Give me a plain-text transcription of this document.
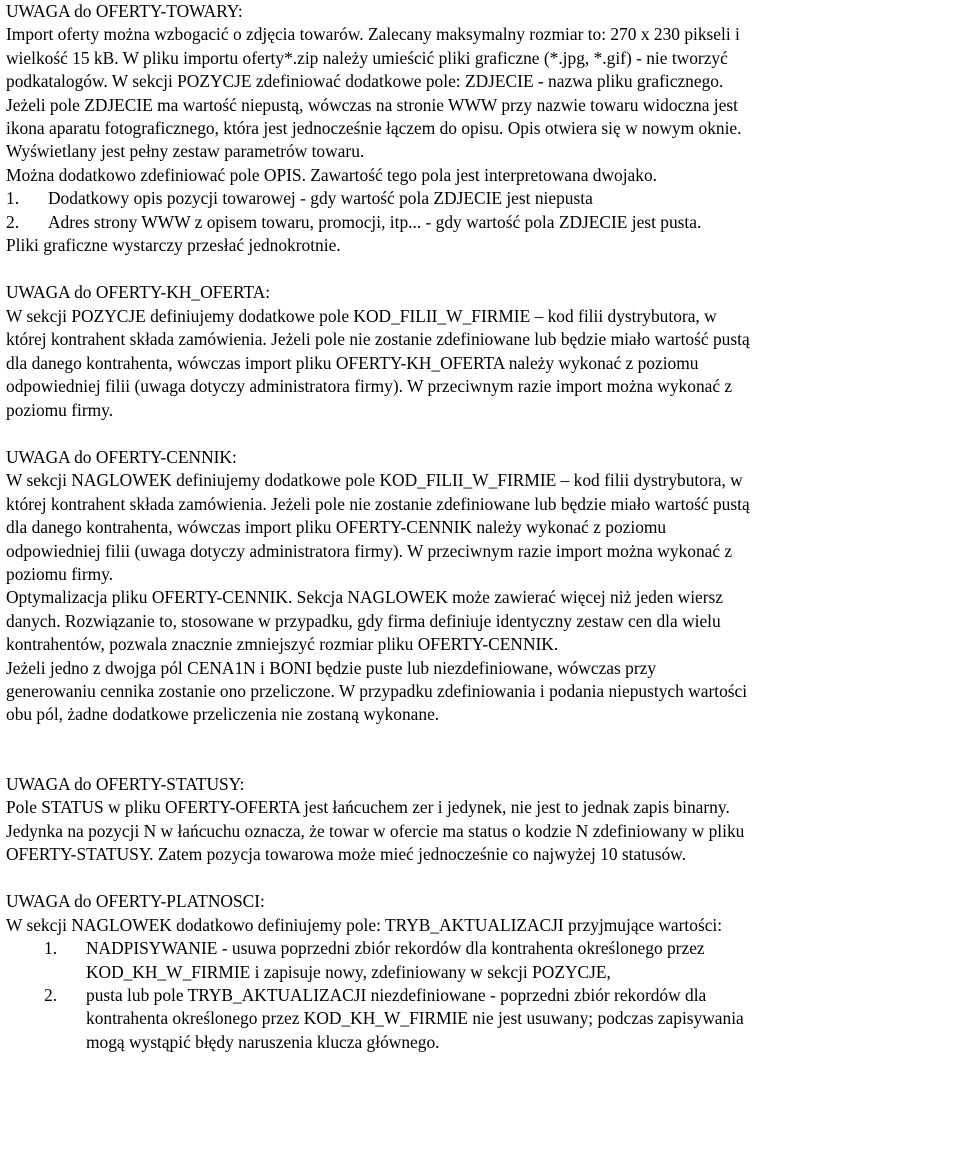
UWAGA do OFERTY-TOWARY:

Import oferty można wzbogacić o zdjęcia towarów. Zalecany maksymalny rozmiar to: 270 x 230 pikseli i

wielkość 15 kB. W pliku importu oferty*.zip należy umieścić pliki graficzne (*.jpg, *.gif) - nie tworzyć

podkatalogów. W sekcji POZYCJE zdefiniować dodatkowe pole: ZDJECIE - nazwa pliku graficznego.

Jeżeli pole ZDJECIE ma wartość niepustą, wówczas na stronie WWW przy nazwie towaru widoczna jest

ikona aparatu fotograficznego, która jest jednocześnie łączem do opisu. Opis otwiera się w nowym oknie.

Wyświetlany jest pełny zestaw parametrów towaru.

Można dodatkowo zdefiniować pole OPIS. Zawartość tego pola jest interpretowana dwojako.

1.	Dodatkowy opis pozycji towarowej - gdy wartość pola ZDJECIE jest niepusta
2.	Adres strony WWW z opisem towaru, promocji, itp... - gdy wartość pola ZDJECIE jest pusta.

Pliki graficzne wystarczy przesłać jednokrotnie.

UWAGA do OFERTY-KH_OFERTA:

W sekcji POZYCJE definiujemy dodatkowe pole KOD_FILII_W_FIRMIE – kod filii dystrybutora, w

której kontrahent składa zamówienia. Jeżeli pole nie zostanie zdefiniowane lub będzie miało wartość pustą

dla danego kontrahenta, wówczas import pliku OFERTY-KH_OFERTA należy wykonać z poziomu

odpowiedniej filii (uwaga dotyczy administratora firmy). W przeciwnym razie import można wykonać z

poziomu firmy.

UWAGA do OFERTY-CENNIK:

W sekcji NAGLOWEK definiujemy dodatkowe pole KOD_FILII_W_FIRMIE – kod filii dystrybutora, w

której kontrahent składa zamówienia. Jeżeli pole nie zostanie zdefiniowane lub będzie miało wartość pustą

dla danego kontrahenta, wówczas import pliku OFERTY-CENNIK należy wykonać z poziomu

odpowiedniej filii (uwaga dotyczy administratora firmy). W przeciwnym razie import można wykonać z

poziomu firmy.

Optymalizacja pliku OFERTY-CENNIK. Sekcja NAGLOWEK może zawierać więcej niż jeden wiersz

danych. Rozwiązanie to, stosowane w przypadku, gdy firma definiuje identyczny zestaw cen dla wielu

kontrahentów, pozwala znacznie zmniejszyć rozmiar pliku OFERTY-CENNIK.

Jeżeli jedno z dwojga pól CENA1N i BONI będzie puste lub niezdefiniowane, wówczas przy

generowaniu cennika zostanie ono przeliczone. W przypadku zdefiniowania i podania niepustych wartości

obu pól, żadne dodatkowe przeliczenia nie zostaną wykonane.

UWAGA do OFERTY-STATUSY:

Pole STATUS w pliku OFERTY-OFERTA jest łańcuchem zer i jedynek, nie jest to jednak zapis binarny.

Jedynka na pozycji N w łańcuchu oznacza, że towar w ofercie ma status o kodzie N zdefiniowany w pliku

OFERTY-STATUSY. Zatem pozycja towarowa może mieć jednocześnie co najwyżej 10 statusów.

UWAGA do OFERTY-PLATNOSCI:

W sekcji NAGLOWEK dodatkowo definiujemy pole: TRYB_AKTUALIZACJI przyjmujące wartości:

1.	NADPISYWANIE - usuwa poprzedni zbiór rekordów dla kontrahenta określonego przez

KOD_KH_W_FIRMIE i zapisuje nowy, zdefiniowany w sekcji POZYCJE,

2.	pusta lub pole TRYB_AKTUALIZACJI niezdefiniowane - poprzedni zbiór rekordów dla

kontrahenta określonego przez KOD_KH_W_FIRMIE nie jest usuwany; podczas zapisywania

mogą wystąpić błędy naruszenia klucza głównego.
